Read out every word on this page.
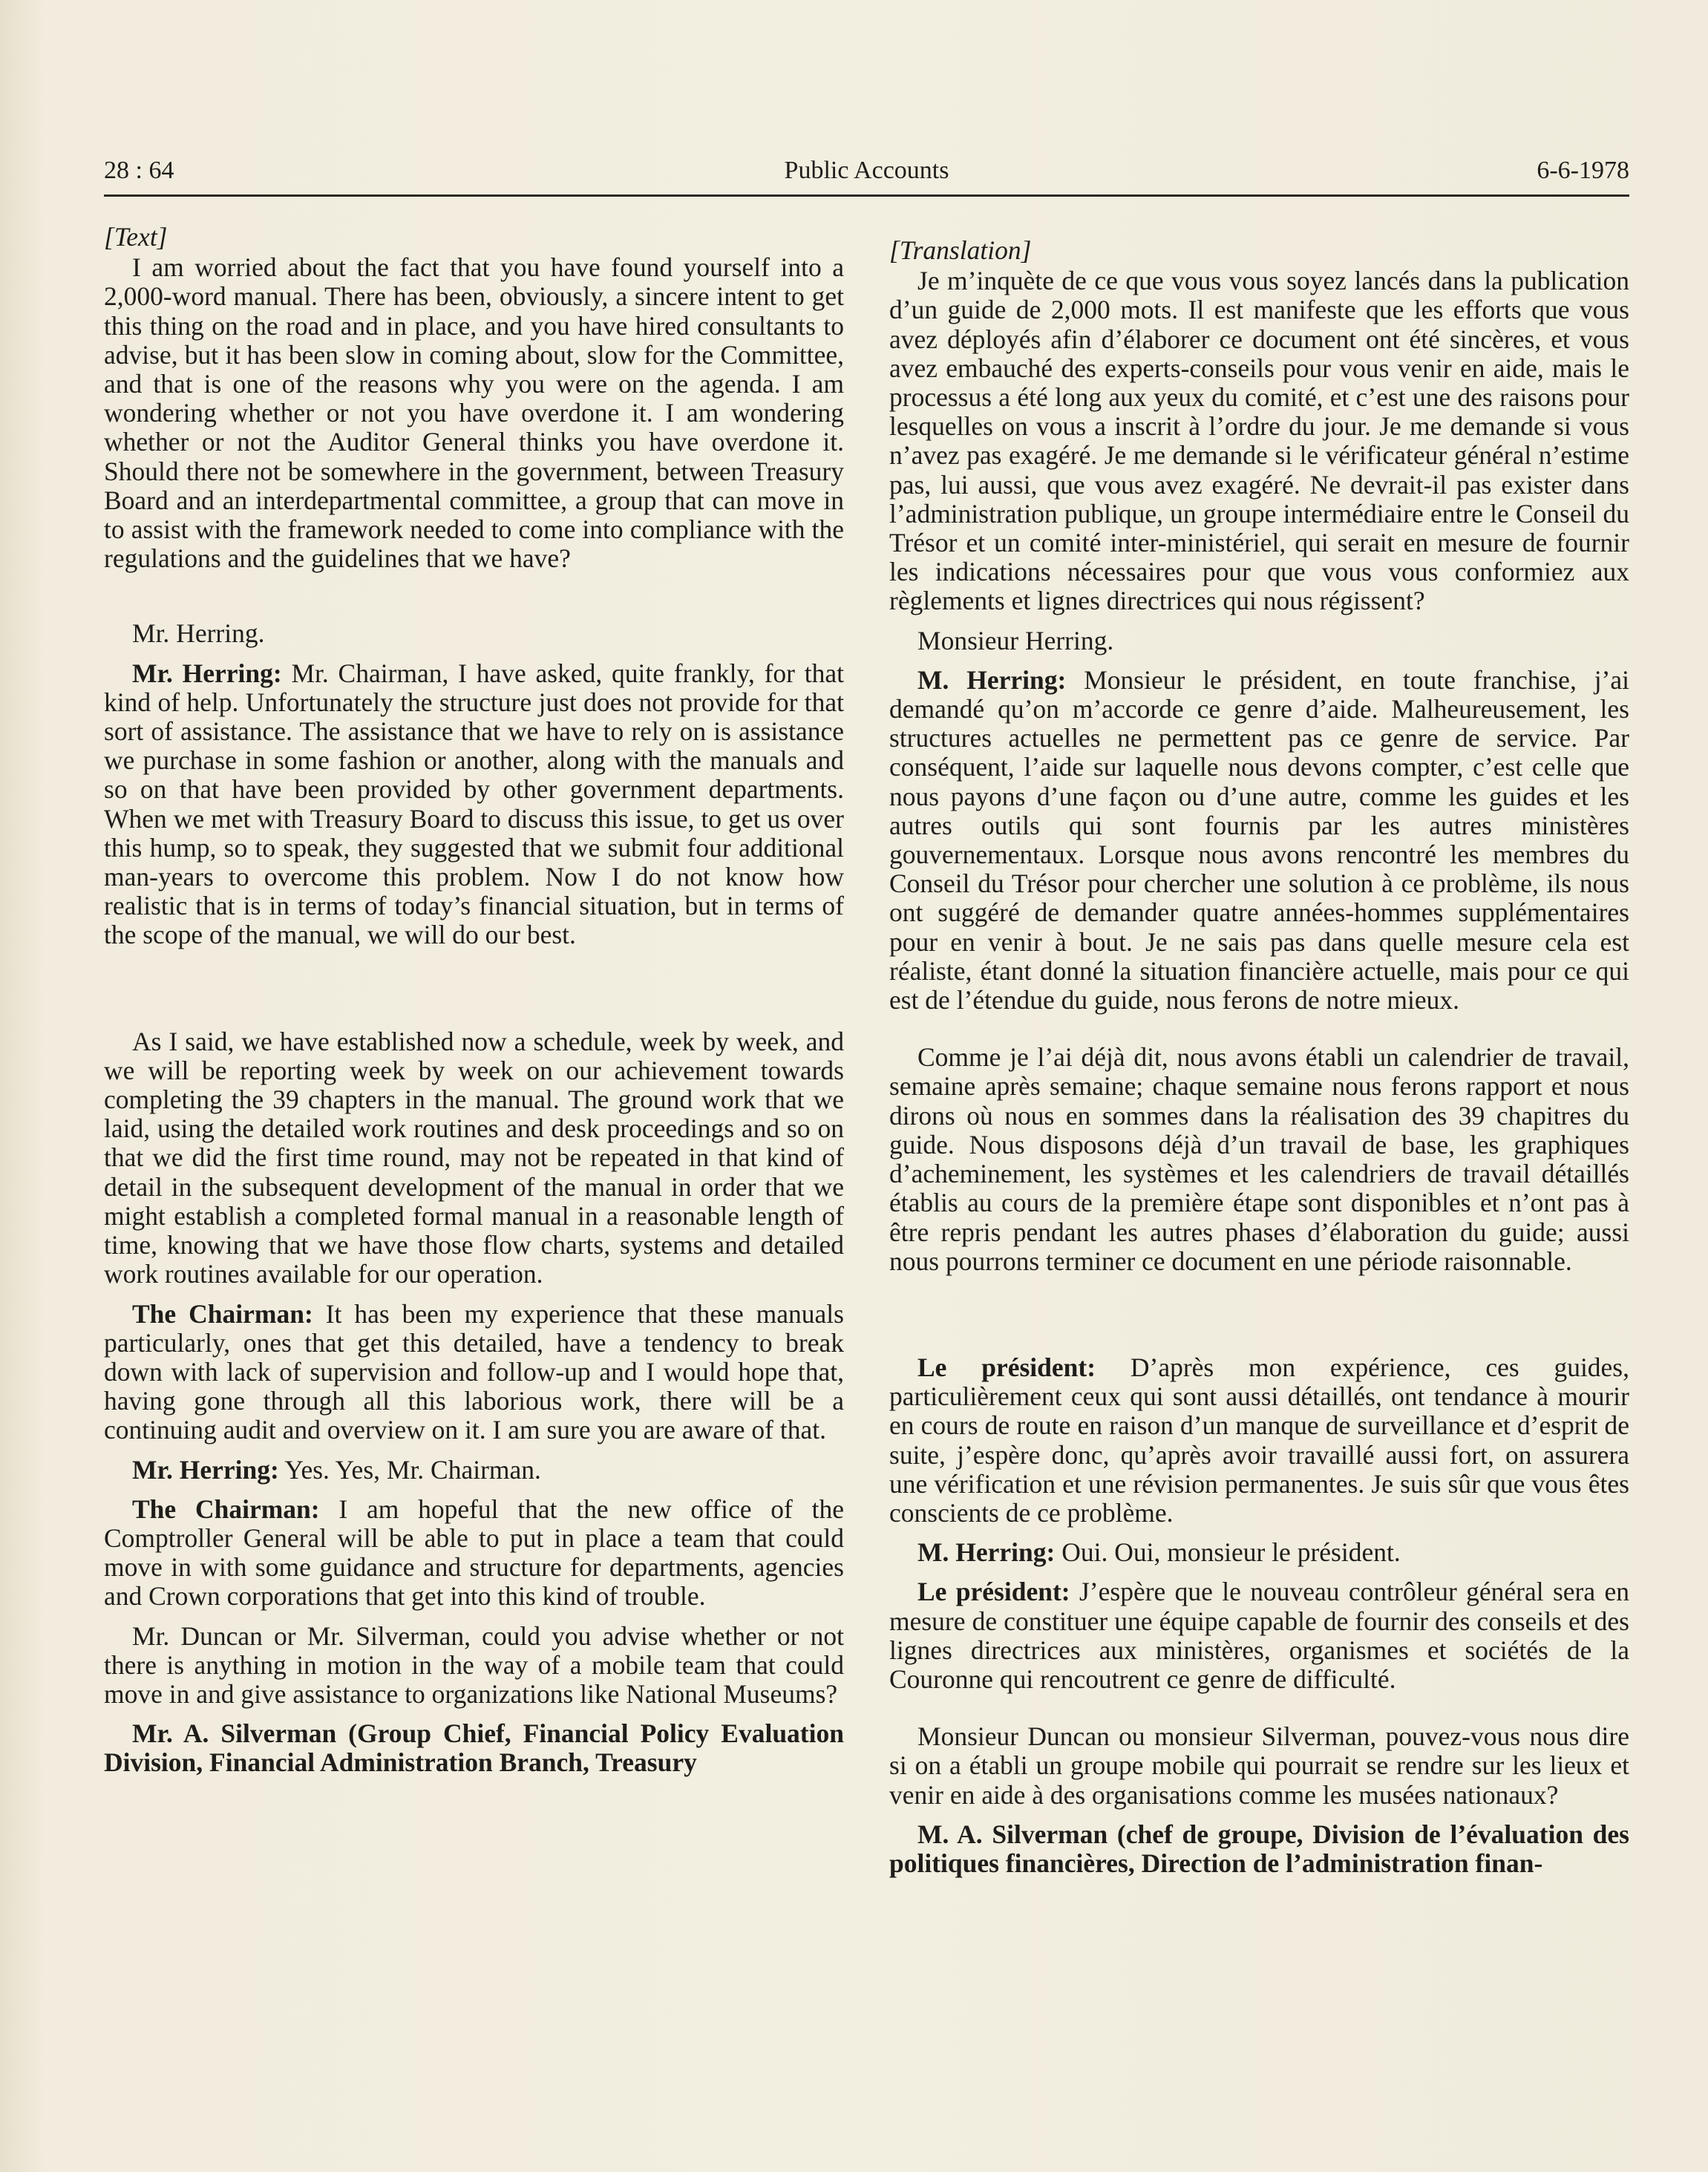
28 : 64	Public Accounts	6-6-1978

[Text]

I am worried about the fact that you have found yourself into a 2,000-word manual. There has been, obviously, a sincere intent to get this thing on the road and in place, and you have hired consultants to advise, but it has been slow in coming about, slow for the Committee, and that is one of the reasons why you were on the agenda. I am wondering whether or not you have overdone it. I am wondering whether or not the Auditor General thinks you have overdone it. Should there not be somewhere in the government, between Treasury Board and an interdepartmental committee, a group that can move in to assist with the framework needed to come into compliance with the regulations and the guidelines that we have?

Mr. Herring.

Mr. Herring: Mr. Chairman, I have asked, quite frankly, for that kind of help. Unfortunately the structure just does not provide for that sort of assistance. The assistance that we have to rely on is assistance we purchase in some fashion or another, along with the manuals and so on that have been provided by other government departments. When we met with Treasury Board to discuss this issue, to get us over this hump, so to speak, they suggested that we submit four additional man-years to overcome this problem. Now I do not know how realistic that is in terms of today’s financial situation, but in terms of the scope of the manual, we will do our best.

As I said, we have established now a schedule, week by week, and we will be reporting week by week on our achievement towards completing the 39 chapters in the manual. The ground work that we laid, using the detailed work routines and desk proceedings and so on that we did the first time round, may not be repeated in that kind of detail in the subsequent development of the manual in order that we might establish a completed formal manual in a reasonable length of time, knowing that we have those flow charts, systems and detailed work routines available for our operation.

The Chairman: It has been my experience that these manuals particularly, ones that get this detailed, have a tendency to break down with lack of supervision and follow-up and I would hope that, having gone through all this laborious work, there will be a continuing audit and overview on it. I am sure you are aware of that.

Mr. Herring: Yes. Yes, Mr. Chairman.

The Chairman: I am hopeful that the new office of the Comptroller General will be able to put in place a team that could move in with some guidance and structure for departments, agencies and Crown corporations that get into this kind of trouble.

Mr. Duncan or Mr. Silverman, could you advise whether or not there is anything in motion in the way of a mobile team that could move in and give assistance to organizations like National Museums?

Mr. A. Silverman (Group Chief, Financial Policy Evaluation Division, Financial Administration Branch, Treasury

[Translation]

Je m’inquète de ce que vous vous soyez lancés dans la publication d’un guide de 2,000 mots. Il est manifeste que les efforts que vous avez déployés afin d’élaborer ce document ont été sincères, et vous avez embauché des experts-conseils pour vous venir en aide, mais le processus a été long aux yeux du comité, et c’est une des raisons pour lesquelles on vous a inscrit à l’ordre du jour. Je me demande si vous n’avez pas exagéré. Je me demande si le vérificateur général n’estime pas, lui aussi, que vous avez exagéré. Ne devrait-il pas exister dans l’administration publique, un groupe intermédiaire entre le Conseil du Trésor et un comité inter-ministériel, qui serait en mesure de fournir les indications nécessaires pour que vous vous conformiez aux règlements et lignes directrices qui nous régissent?

Monsieur Herring.

M. Herring: Monsieur le président, en toute franchise, j’ai demandé qu’on m’accorde ce genre d’aide. Malheureusement, les structures actuelles ne permettent pas ce genre de service. Par conséquent, l’aide sur laquelle nous devons compter, c’est celle que nous payons d’une façon ou d’une autre, comme les guides et les autres outils qui sont fournis par les autres ministères gouvernementaux. Lorsque nous avons rencontré les membres du Conseil du Trésor pour chercher une solution à ce problème, ils nous ont suggéré de demander quatre années-hommes supplémentaires pour en venir à bout. Je ne sais pas dans quelle mesure cela est réaliste, étant donné la situation financière actuelle, mais pour ce qui est de l’étendue du guide, nous ferons de notre mieux.

Comme je l’ai déjà dit, nous avons établi un calendrier de travail, semaine après semaine; chaque semaine nous ferons rapport et nous dirons où nous en sommes dans la réalisation des 39 chapitres du guide. Nous disposons déjà d’un travail de base, les graphiques d’acheminement, les systèmes et les calendriers de travail détaillés établis au cours de la première étape sont disponibles et n’ont pas à être repris pendant les autres phases d’élaboration du guide; aussi nous pourrons terminer ce document en une période raisonnable.

Le président: D’après mon expérience, ces guides, particulièrement ceux qui sont aussi détaillés, ont tendance à mourir en cours de route en raison d’un manque de surveillance et d’esprit de suite, j’espère donc, qu’après avoir travaillé aussi fort, on assurera une vérification et une révision permanentes. Je suis sûr que vous êtes conscients de ce problème.

M. Herring: Oui. Oui, monsieur le président.

Le président: J’espère que le nouveau contrôleur général sera en mesure de constituer une équipe capable de fournir des conseils et des lignes directrices aux ministères, organismes et sociétés de la Couronne qui rencoutrent ce genre de difficulté.

Monsieur Duncan ou monsieur Silverman, pouvez-vous nous dire si on a établi un groupe mobile qui pourrait se rendre sur les lieux et venir en aide à des organisations comme les musées nationaux?

M. A. Silverman (chef de groupe, Division de l’évaluation des politiques financières, Direction de l’administration finan-
